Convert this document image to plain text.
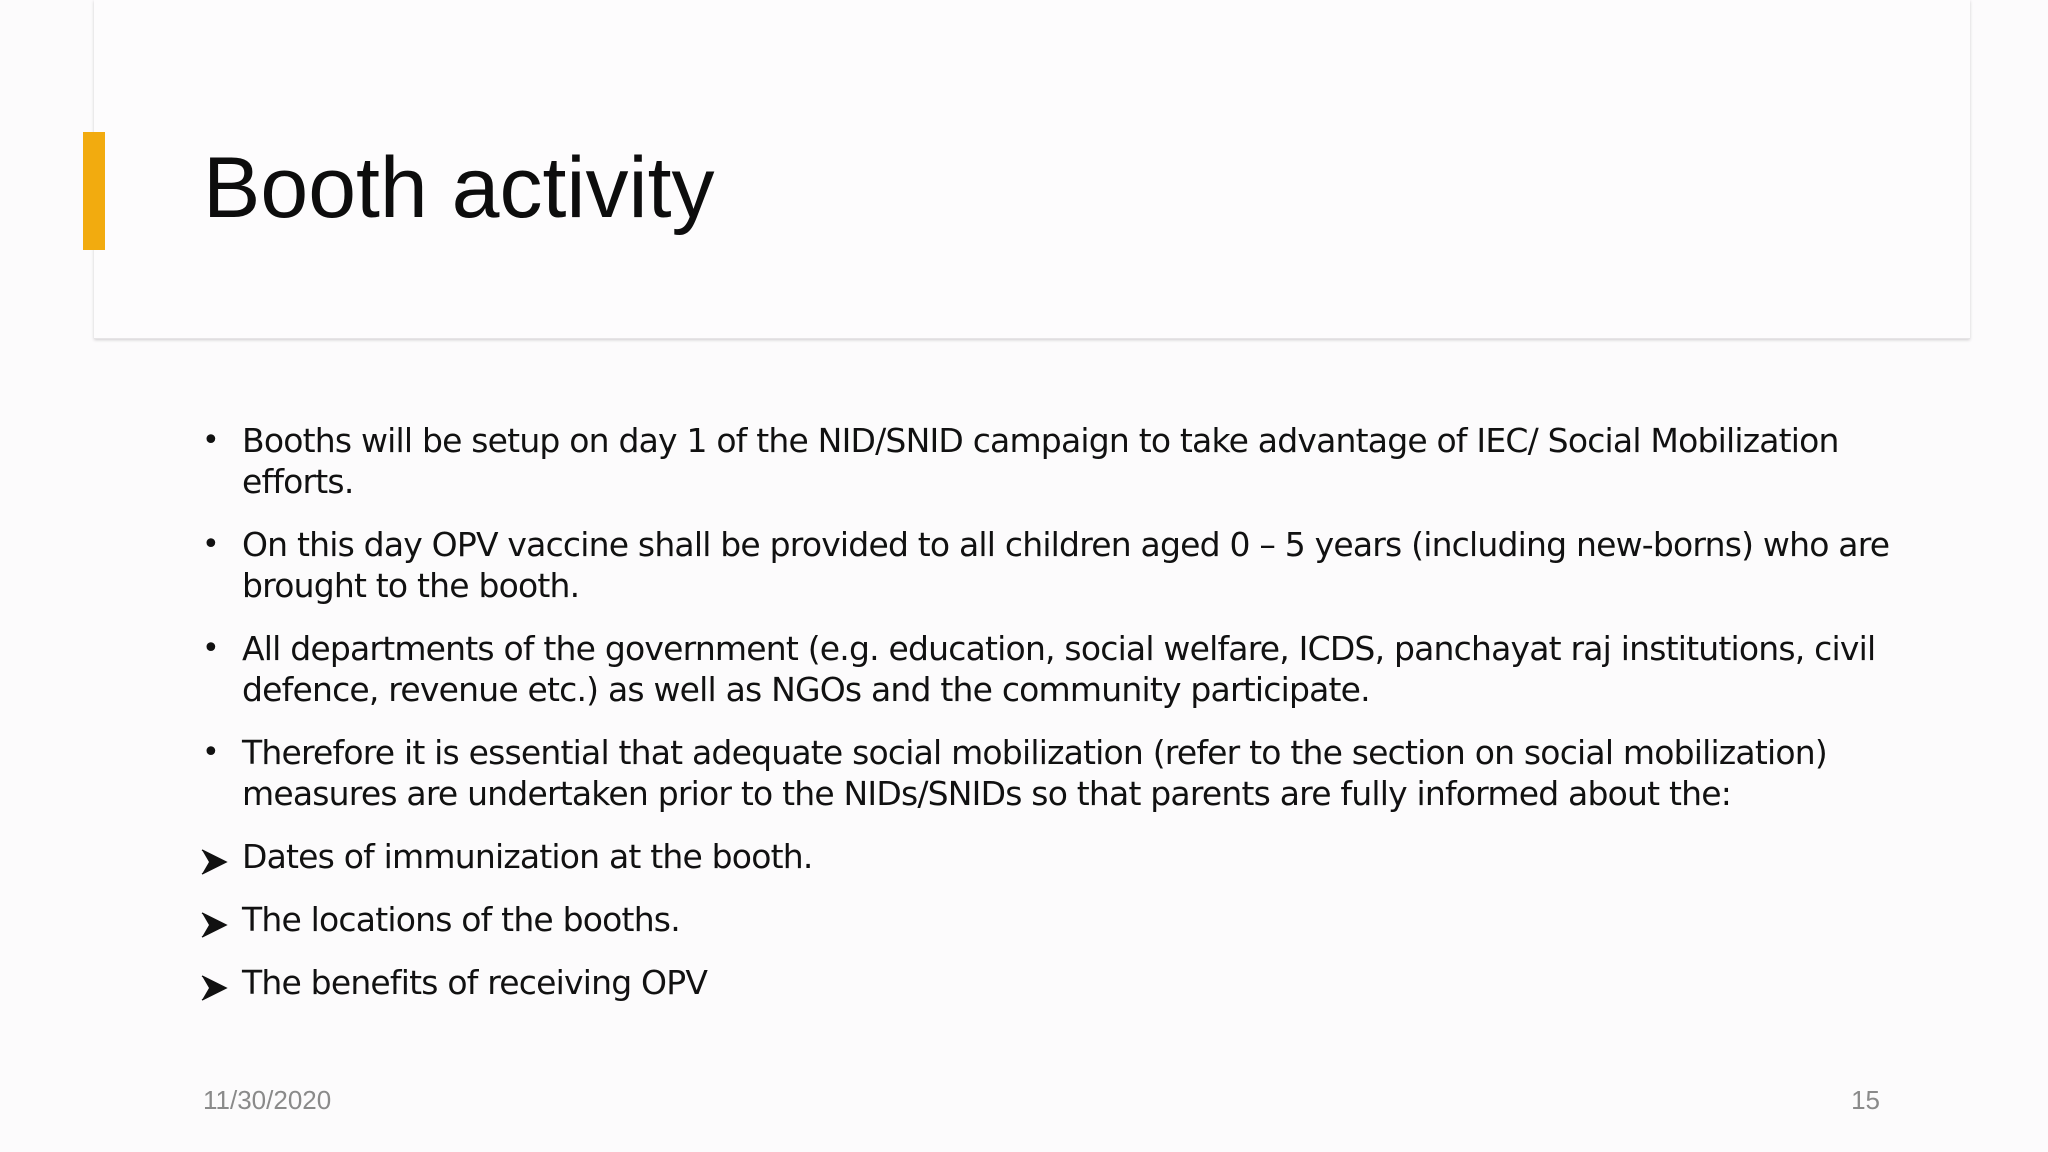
Booth activity
• Booths will be setup on day 1 of the NID/SNID campaign to take advantage of IEC/ Social Mobilization efforts.
• On this day OPV vaccine shall be provided to all children aged 0 – 5 years (including new-borns) who are brought to the booth.
• All departments of the government (e.g. education, social welfare, ICDS, panchayat raj institutions, civil defence, revenue etc.) as well as NGOs and the community participate.
• Therefore it is essential that adequate social mobilization (refer to the section on social mobilization) measures are undertaken prior to the NIDs/SNIDs so that parents are fully informed about the:
Dates of immunization at the booth.
The locations of the booths.
The benefits of receiving OPV
11/30/2020	15
